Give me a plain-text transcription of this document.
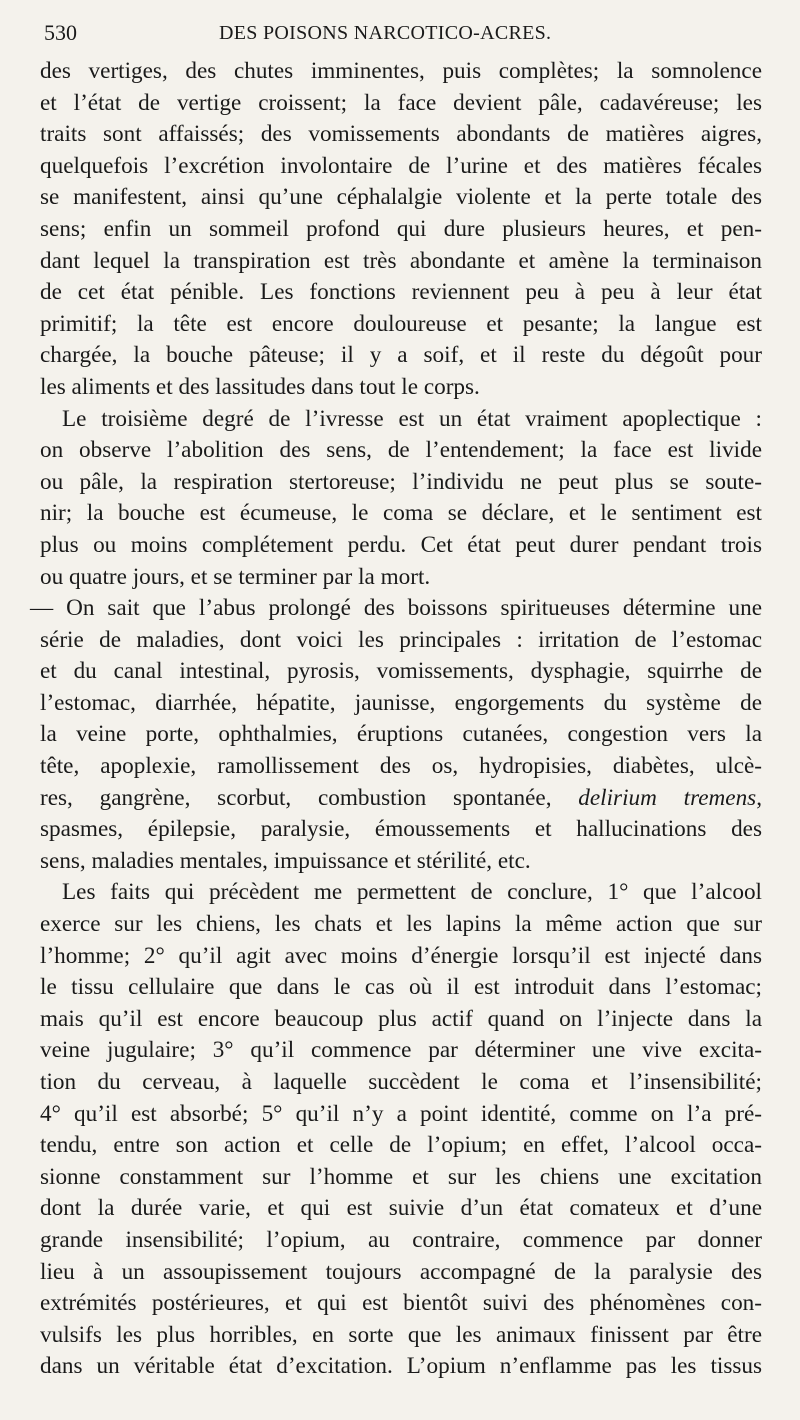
530	DES POISONS NARCOTICO-ACRES.
des vertiges, des chutes imminentes, puis complètes; la somnolence
et l’état de vertige croissent; la face devient pâle, cadavéreuse; les
traits sont affaissés; des vomissements abondants de matières aigres,
quelquefois l’excrétion involontaire de l’urine et des matières fécales
se manifestent, ainsi qu’une céphalalgie violente et la perte totale des
sens; enfin un sommeil profond qui dure plusieurs heures, et pen-
dant lequel la transpiration est très abondante et amène la terminaison
de cet état pénible. Les fonctions reviennent peu à peu à leur état
primitif; la tête est encore douloureuse et pesante; la langue est
chargée, la bouche pâteuse; il y a soif, et il reste du dégoût pour
les aliments et des lassitudes dans tout le corps.
Le troisième degré de l’ivresse est un état vraiment apoplectique :
on observe l’abolition des sens, de l’entendement; la face est livide
ou pâle, la respiration stertoreuse; l’individu ne peut plus se soute-
nir; la bouche est écumeuse, le coma se déclare, et le sentiment est
plus ou moins complétement perdu. Cet état peut durer pendant trois
ou quatre jours, et se terminer par la mort.
— On sait que l’abus prolongé des boissons spiritueuses détermine une
série de maladies, dont voici les principales : irritation de l’estomac
et du canal intestinal, pyrosis, vomissements, dysphagie, squirrhe de
l’estomac, diarrhée, hépatite, jaunisse, engorgements du système de
la veine porte, ophthalmies, éruptions cutanées, congestion vers la
tête, apoplexie, ramollissement des os, hydropisies, diabètes, ulcè-
res, gangrène, scorbut, combustion spontanée, delirium tremens,
spasmes, épilepsie, paralysie, émoussements et hallucinations des
sens, maladies mentales, impuissance et stérilité, etc.
Les faits qui précèdent me permettent de conclure, 1° que l’alcool
exerce sur les chiens, les chats et les lapins la même action que sur
l’homme; 2° qu’il agit avec moins d’énergie lorsqu’il est injecté dans
le tissu cellulaire que dans le cas où il est introduit dans l’estomac;
mais qu’il est encore beaucoup plus actif quand on l’injecte dans la
veine jugulaire; 3° qu’il commence par déterminer une vive excita-
tion du cerveau, à laquelle succèdent le coma et l’insensibilité;
4° qu’il est absorbé; 5° qu’il n’y a point identité, comme on l’a pré-
tendu, entre son action et celle de l’opium; en effet, l’alcool occa-
sionne constamment sur l’homme et sur les chiens une excitation
dont la durée varie, et qui est suivie d’un état comateux et d’une
grande insensibilité; l’opium, au contraire, commence par donner
lieu à un assoupissement toujours accompagné de la paralysie des
extrémités postérieures, et qui est bientôt suivi des phénomènes con-
vulsifs les plus horribles, en sorte que les animaux finissent par être
dans un véritable état d’excitation. L’opium n’enflamme pas les tissus
